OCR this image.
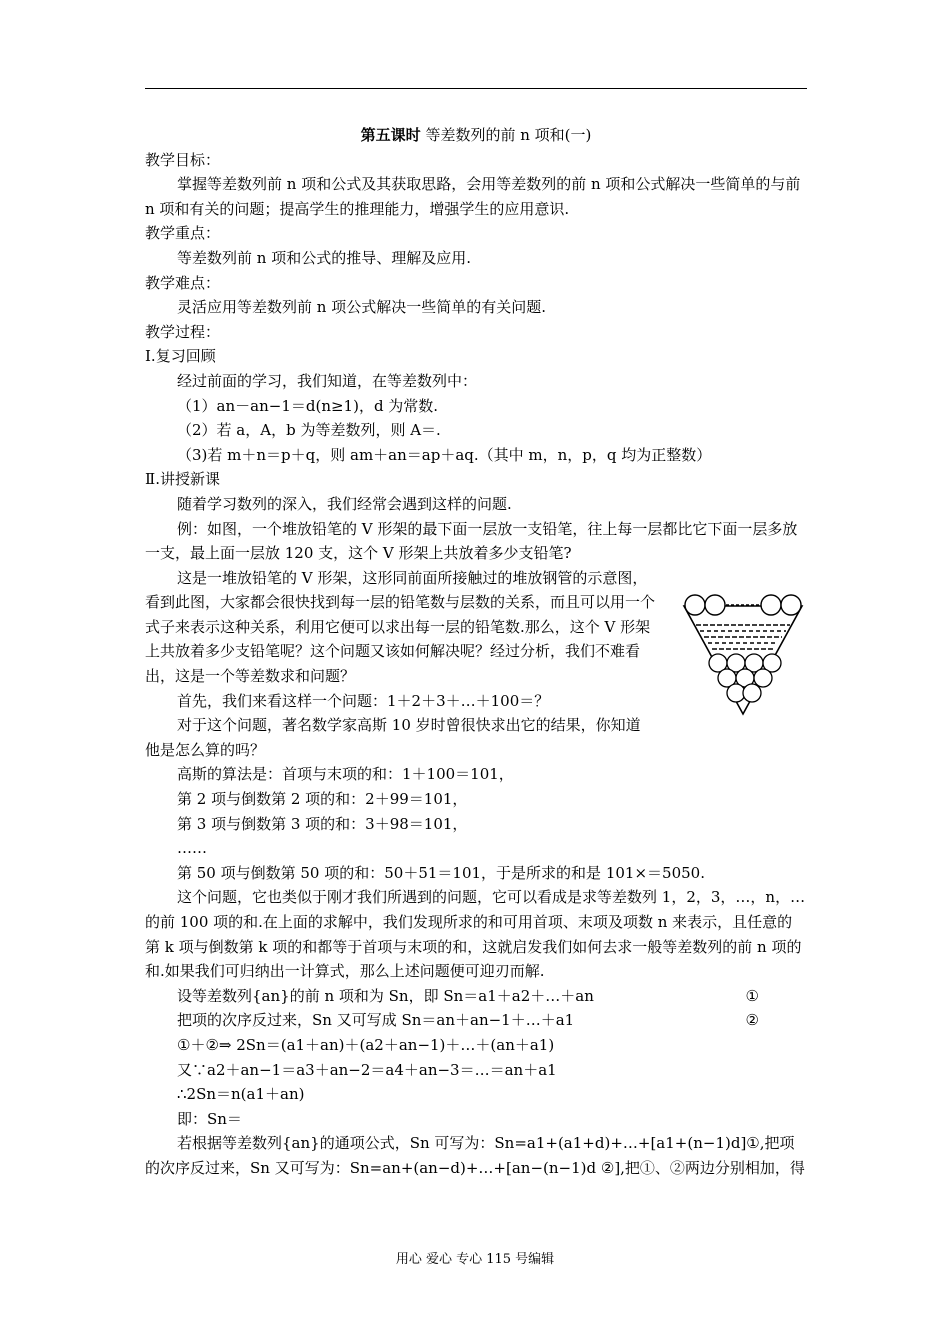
第五课时 等差数列的前 n 项和(一)

教学目标：

掌握等差数列前 n 项和公式及其获取思路，会用等差数列的前 n 项和公式解决一些简单的与前 n 项和有关的问题；提高学生的推理能力，增强学生的应用意识.

教学重点：

等差数列前 n 项和公式的推导、理解及应用.

教学难点：

灵活应用等差数列前 n 项公式解决一些简单的有关问题.

教学过程：

Ⅰ.复习回顾

经过前面的学习，我们知道，在等差数列中：

（1）an－an−1＝d(n≥1)，d 为常数.

（2）若 a，A，b 为等差数列，则 A＝.

（3)若 m＋n＝p＋q，则 am＋an＝ap＋aq.（其中 m，n，p，q 均为正整数）

Ⅱ.讲授新课

随着学习数列的深入，我们经常会遇到这样的问题.

例：如图，一个堆放铅笔的 V 形架的最下面一层放一支铅笔，往上每一层都比它下面一层多放一支，最上面一层放 120 支，这个 V 形架上共放着多少支铅笔?

这是一堆放铅笔的 V 形架，这形同前面所接触过的堆放钢管的示意图，看到此图，大家都会很快找到每一层的铅笔数与层数的关系，而且可以用一个式子来表示这种关系，利用它便可以求出每一层的铅笔数.那么，这个 V 形架上共放着多少支铅笔呢？这个问题又该如何解决呢？经过分析，我们不难看出，这是一个等差数求和问题？

首先，我们来看这样一个问题：1＋2＋3＋…＋100＝？

对于这个问题，著名数学家高斯 10 岁时曾很快求出它的结果，你知道他是怎么算的吗？

高斯的算法是：首项与末项的和：1＋100＝101，

第 2 项与倒数第 2 项的和：2＋99＝101，

第 3 项与倒数第 3 项的和：3＋98＝101，

……

第 50 项与倒数第 50 项的和：50＋51＝101，于是所求的和是 101×＝5050.

这个问题，它也类似于刚才我们所遇到的问题，它可以看成是求等差数列 1，2，3，…，n，…的前 100 项的和.在上面的求解中，我们发现所求的和可用首项、末项及项数 n 来表示，且任意的第 k 项与倒数第 k 项的和都等于首项与末项的和，这就启发我们如何去求一般等差数列的前 n 项的和.如果我们可归纳出一计算式，那么上述问题便可迎刃而解.

设等差数列{an}的前 n 项和为 Sn，即 Sn＝a1＋a2＋…＋an	①

把项的次序反过来，Sn 又可写成 Sn＝an＋an−1＋…＋a1	②

①＋②⇒ 2Sn＝(a1＋an)＋(a2＋an−1)＋…＋(an＋a1)

又∵a2＋an−1＝a3＋an−2＝a4＋an−3＝…＝an＋a1

∴2Sn＝n(a1＋an)

即：Sn＝

若根据等差数列{an}的通项公式，Sn 可写为：Sn=a1+(a1+d)+…+[a1+(n−1)d]①,把项的次序反过来，Sn 又可写为：Sn=an+(an−d)+…+[an−(n−1)d ②],把①、②两边分别相加，得

用心 爱心 专心 115 号编辑
